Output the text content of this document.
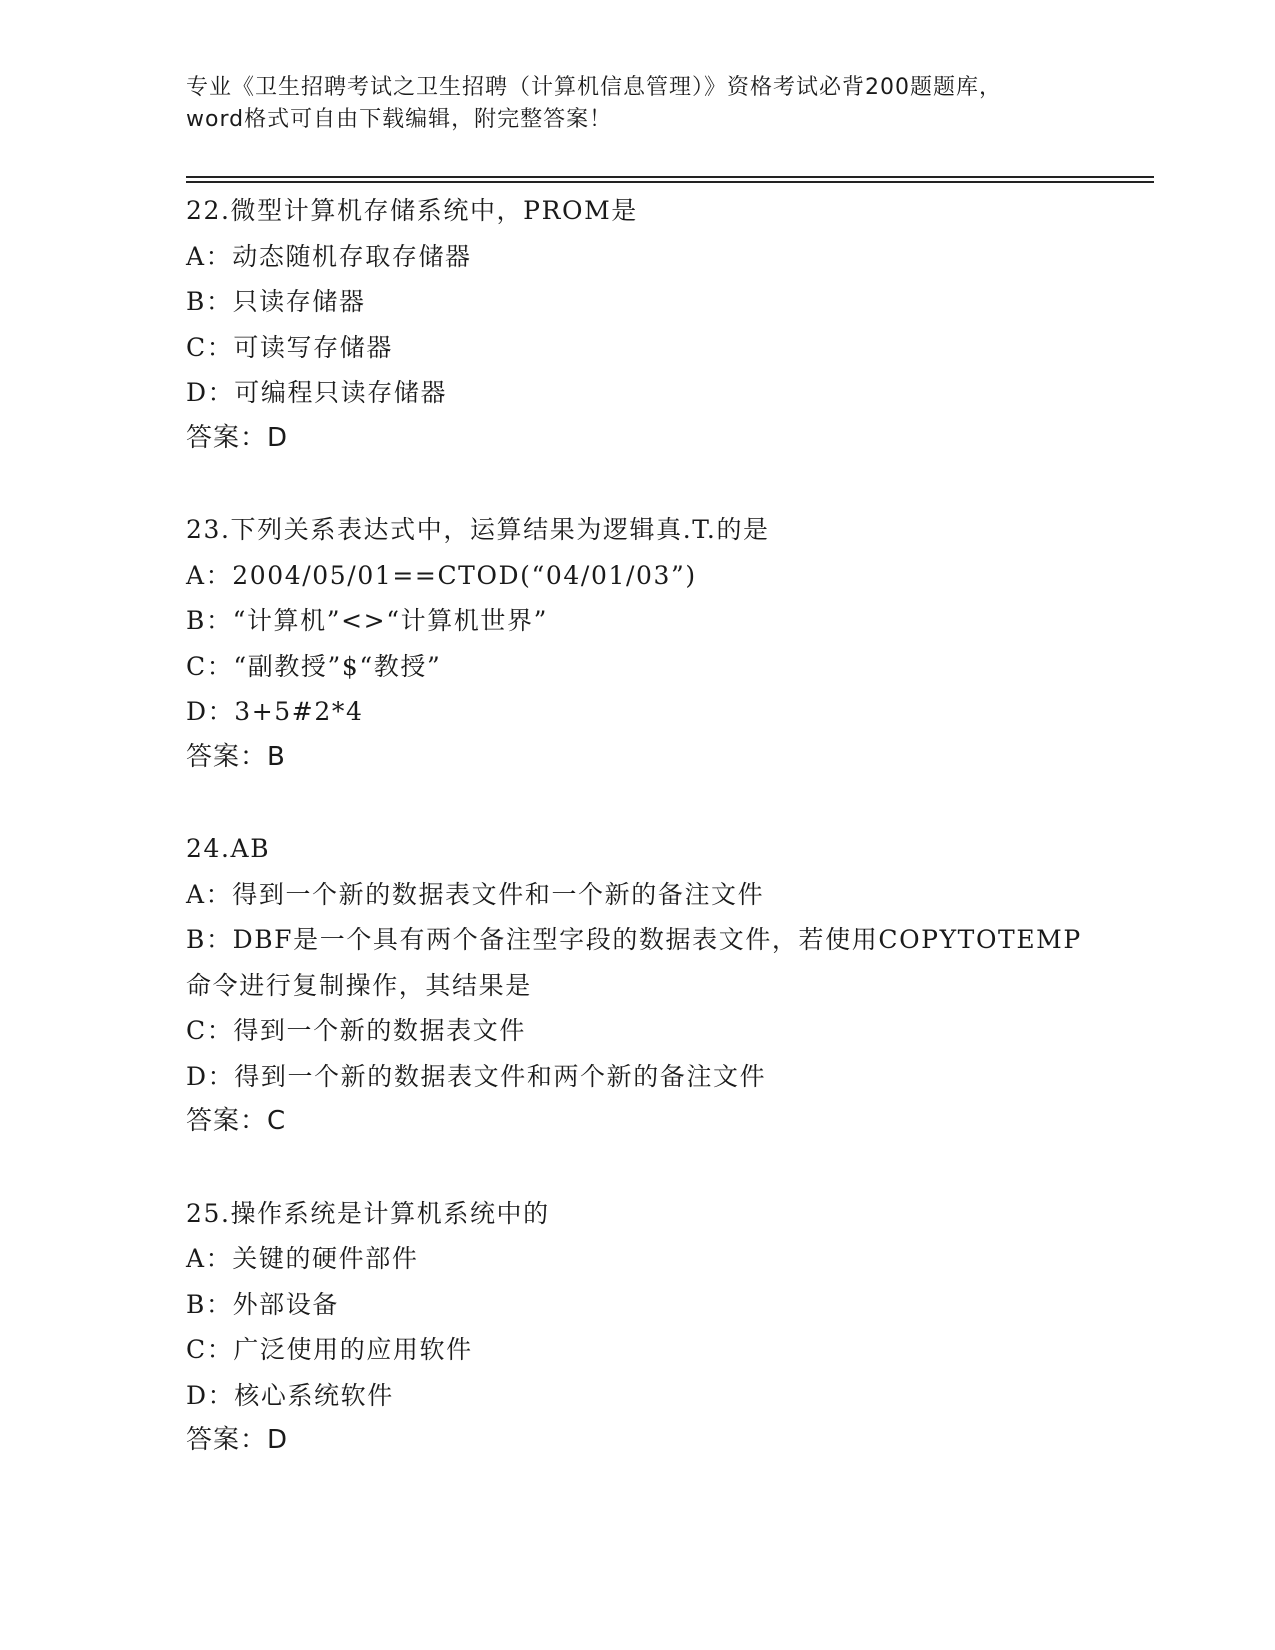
专业《卫生招聘考试之卫生招聘（计算机信息管理）》资格考试必背200题题库，

word格式可自由下载编辑，附完整答案！

22.微型计算机存储系统中，PROM是
A：动态随机存取存储器
B：只读存储器
C：可读写存储器
D：可编程只读存储器
答案：D
23.下列关系表达式中，运算结果为逻辑真.T.的是
A：2004/05/01==CTOD(“04/01/03”)
B：“计算机”<>“计算机世界”
C：“副教授”$“教授”
D：3+5#2*4
答案：B
24.AB
A：得到一个新的数据表文件和一个新的备注文件
B：DBF是一个具有两个备注型字段的数据表文件，若使用COPYTOTEMP
命令进行复制操作，其结果是
C：得到一个新的数据表文件
D：得到一个新的数据表文件和两个新的备注文件
答案：C
25.操作系统是计算机系统中的
A：关键的硬件部件
B：外部设备
C：广泛使用的应用软件
D：核心系统软件
答案：D
